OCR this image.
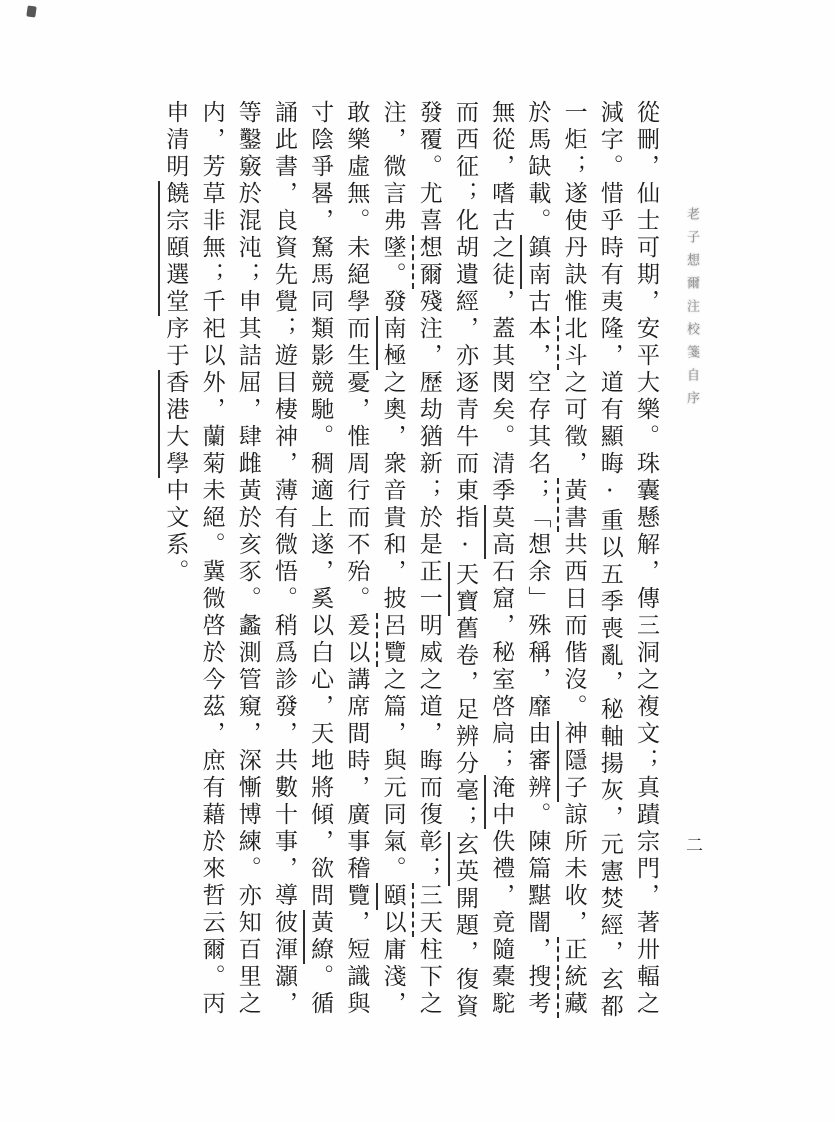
老子想爾注校箋自序
從刪，仙士可期，安平大樂。珠囊懸解，傳三洞之複文；真蹟宗門，著卅輻之
減字。惜乎時有夷隆，道有顯晦·重以五季喪亂，秘軸揚灰，元憲焚經，玄都
一炬；遂使丹訣惟北斗之可徵，黃書共西日而偕沒。神隱子諒所未收，正統藏
於馬缺載。鎮南古本，空存其名；「想余」殊稱，靡由審辨。陳篇黮闇，搜考
無從，嗜古之徒，蓋其閔矣。清季莫高石窟，秘室啓扃；淹中佚禮，竟隨橐駝
而西征；化胡遺經，亦逐青牛而東指·天寶舊卷，足辨分毫；玄英開題，復資
發覆。尤喜想爾殘注，歷劫猶新；於是正一明威之道，晦而復彰；三天柱下之
注，微言弗墜。發南極之奧，衆音貴和，披呂覽之篇，與元同氣。頤以庸淺，
敢樂虛無。未絕學而生憂，惟周行而不殆。爰以講席間時，廣事稽覽，短識與
寸陰爭晷，駑馬同類影競馳。稠適上遂，奚以白心，天地將傾，欲問黃繚。循
誦此書，良資先覺；遊目棲神，薄有微悟。稍爲診發，共數十事，導彼渾灝，
等鑿竅於混沌；申其詰屈，肆雌黃於亥豕。蠡測管窺，深慚博練。亦知百里之
内，芳草非無；千祀以外，蘭菊未絕。冀微啓於今茲，庶有藉於來哲云爾。丙
申清明饒宗頤選堂序于香港大學中文系。
二
